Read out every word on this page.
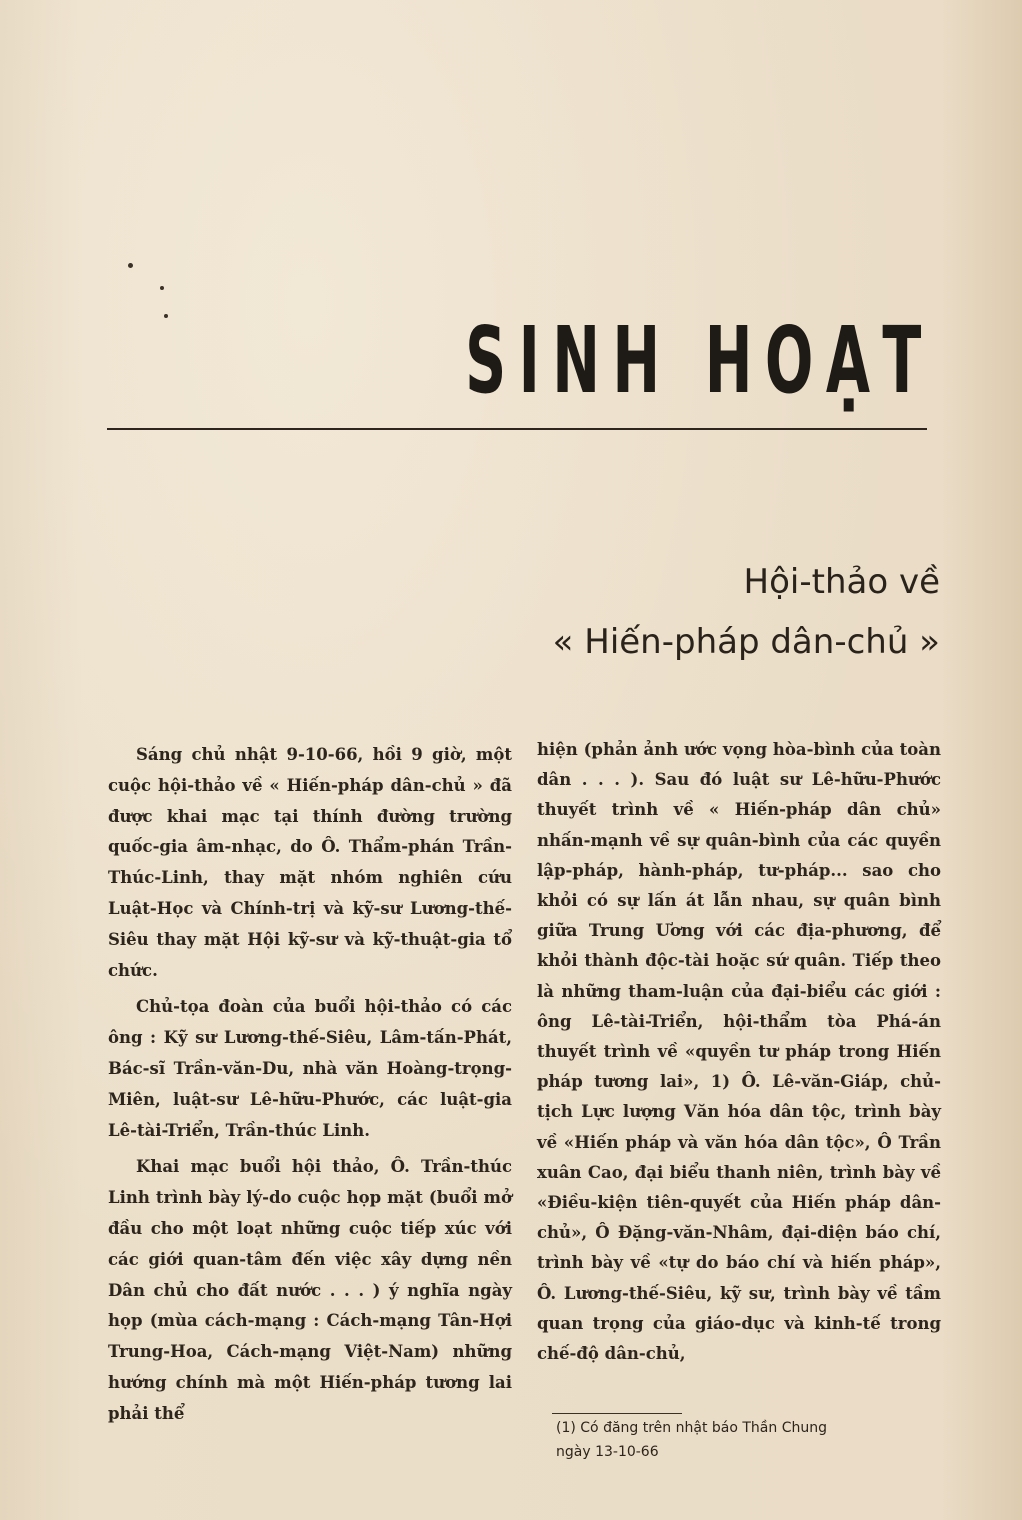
SINH HOẠT
Hội-thảo về
« Hiến-pháp dân-chủ »

Sáng chủ nhật 9-10-66, hồi 9 giờ, một cuộc hội-thảo về « Hiến-pháp dân-chủ » đã được khai mạc tại thính đường trường quốc-gia âm-nhạc, do Ô. Thẩm-phán Trần-Thúc-Linh, thay mặt nhóm nghiên cứu Luật-Học và Chính-trị và kỹ-sư Lương-thế-Siêu thay mặt Hội kỹ-sư và kỹ-thuật-gia tổ chức.

Chủ-tọa đoàn của buổi hội-thảo có các ông : Kỹ sư Lương-thế-Siêu, Lâm-tấn-Phát, Bác-sĩ Trần-văn-Du, nhà văn Hoàng-trọng-Miên, luật-sư Lê-hữu-Phước, các luật-gia Lê-tài-Triển, Trần-thúc Linh.

Khai mạc buổi hội thảo, Ô. Trần-thúc Linh trình bày lý-do cuộc họp mặt (buổi mở đầu cho một loạt những cuộc tiếp xúc với các giới quan-tâm đến việc xây dựng nền Dân chủ cho đất nước . . . ) ý nghĩa ngày họp (mùa cách-mạng : Cách-mạng Tân-Hợi Trung-Hoa, Cách-mạng Việt-Nam) những hướng chính mà một Hiến-pháp tương lai phải thể

hiện (phản ảnh ước vọng hòa-bình của toàn dân . . . ). Sau đó luật sư Lê-hữu-Phước thuyết trình về « Hiến-pháp dân chủ» nhấn-mạnh về sự quân-bình của các quyền lập-pháp, hành-pháp, tư-pháp... sao cho khỏi có sự lấn át lẫn nhau, sự quân bình giữa Trung Ương với các địa-phương, để khỏi thành độc-tài hoặc sứ quân. Tiếp theo là những tham-luận của đại-biểu các giới : ông Lê-tài-Triển, hội-thẩm tòa Phá-án thuyết trình về «quyền tư pháp trong Hiến pháp tương lai», 1) Ô. Lê-văn-Giáp, chủ-tịch Lực lượng Văn hóa dân tộc, trình bày về «Hiến pháp và văn hóa dân tộc», Ô Trần xuân Cao, đại biểu thanh niên, trình bày về «Điều-kiện tiên-quyết của Hiến pháp dân-chủ», Ô Đặng-văn-Nhâm, đại-diện báo chí, trình bày về «tự do báo chí và hiến pháp», Ô. Lương-thế-Siêu, kỹ sư, trình bày về tầm quan trọng của giáo-dục và kinh-tế trong chế-độ dân-chủ,

(1) Có đăng trên nhật báo Thần Chung
ngày 13-10-66
